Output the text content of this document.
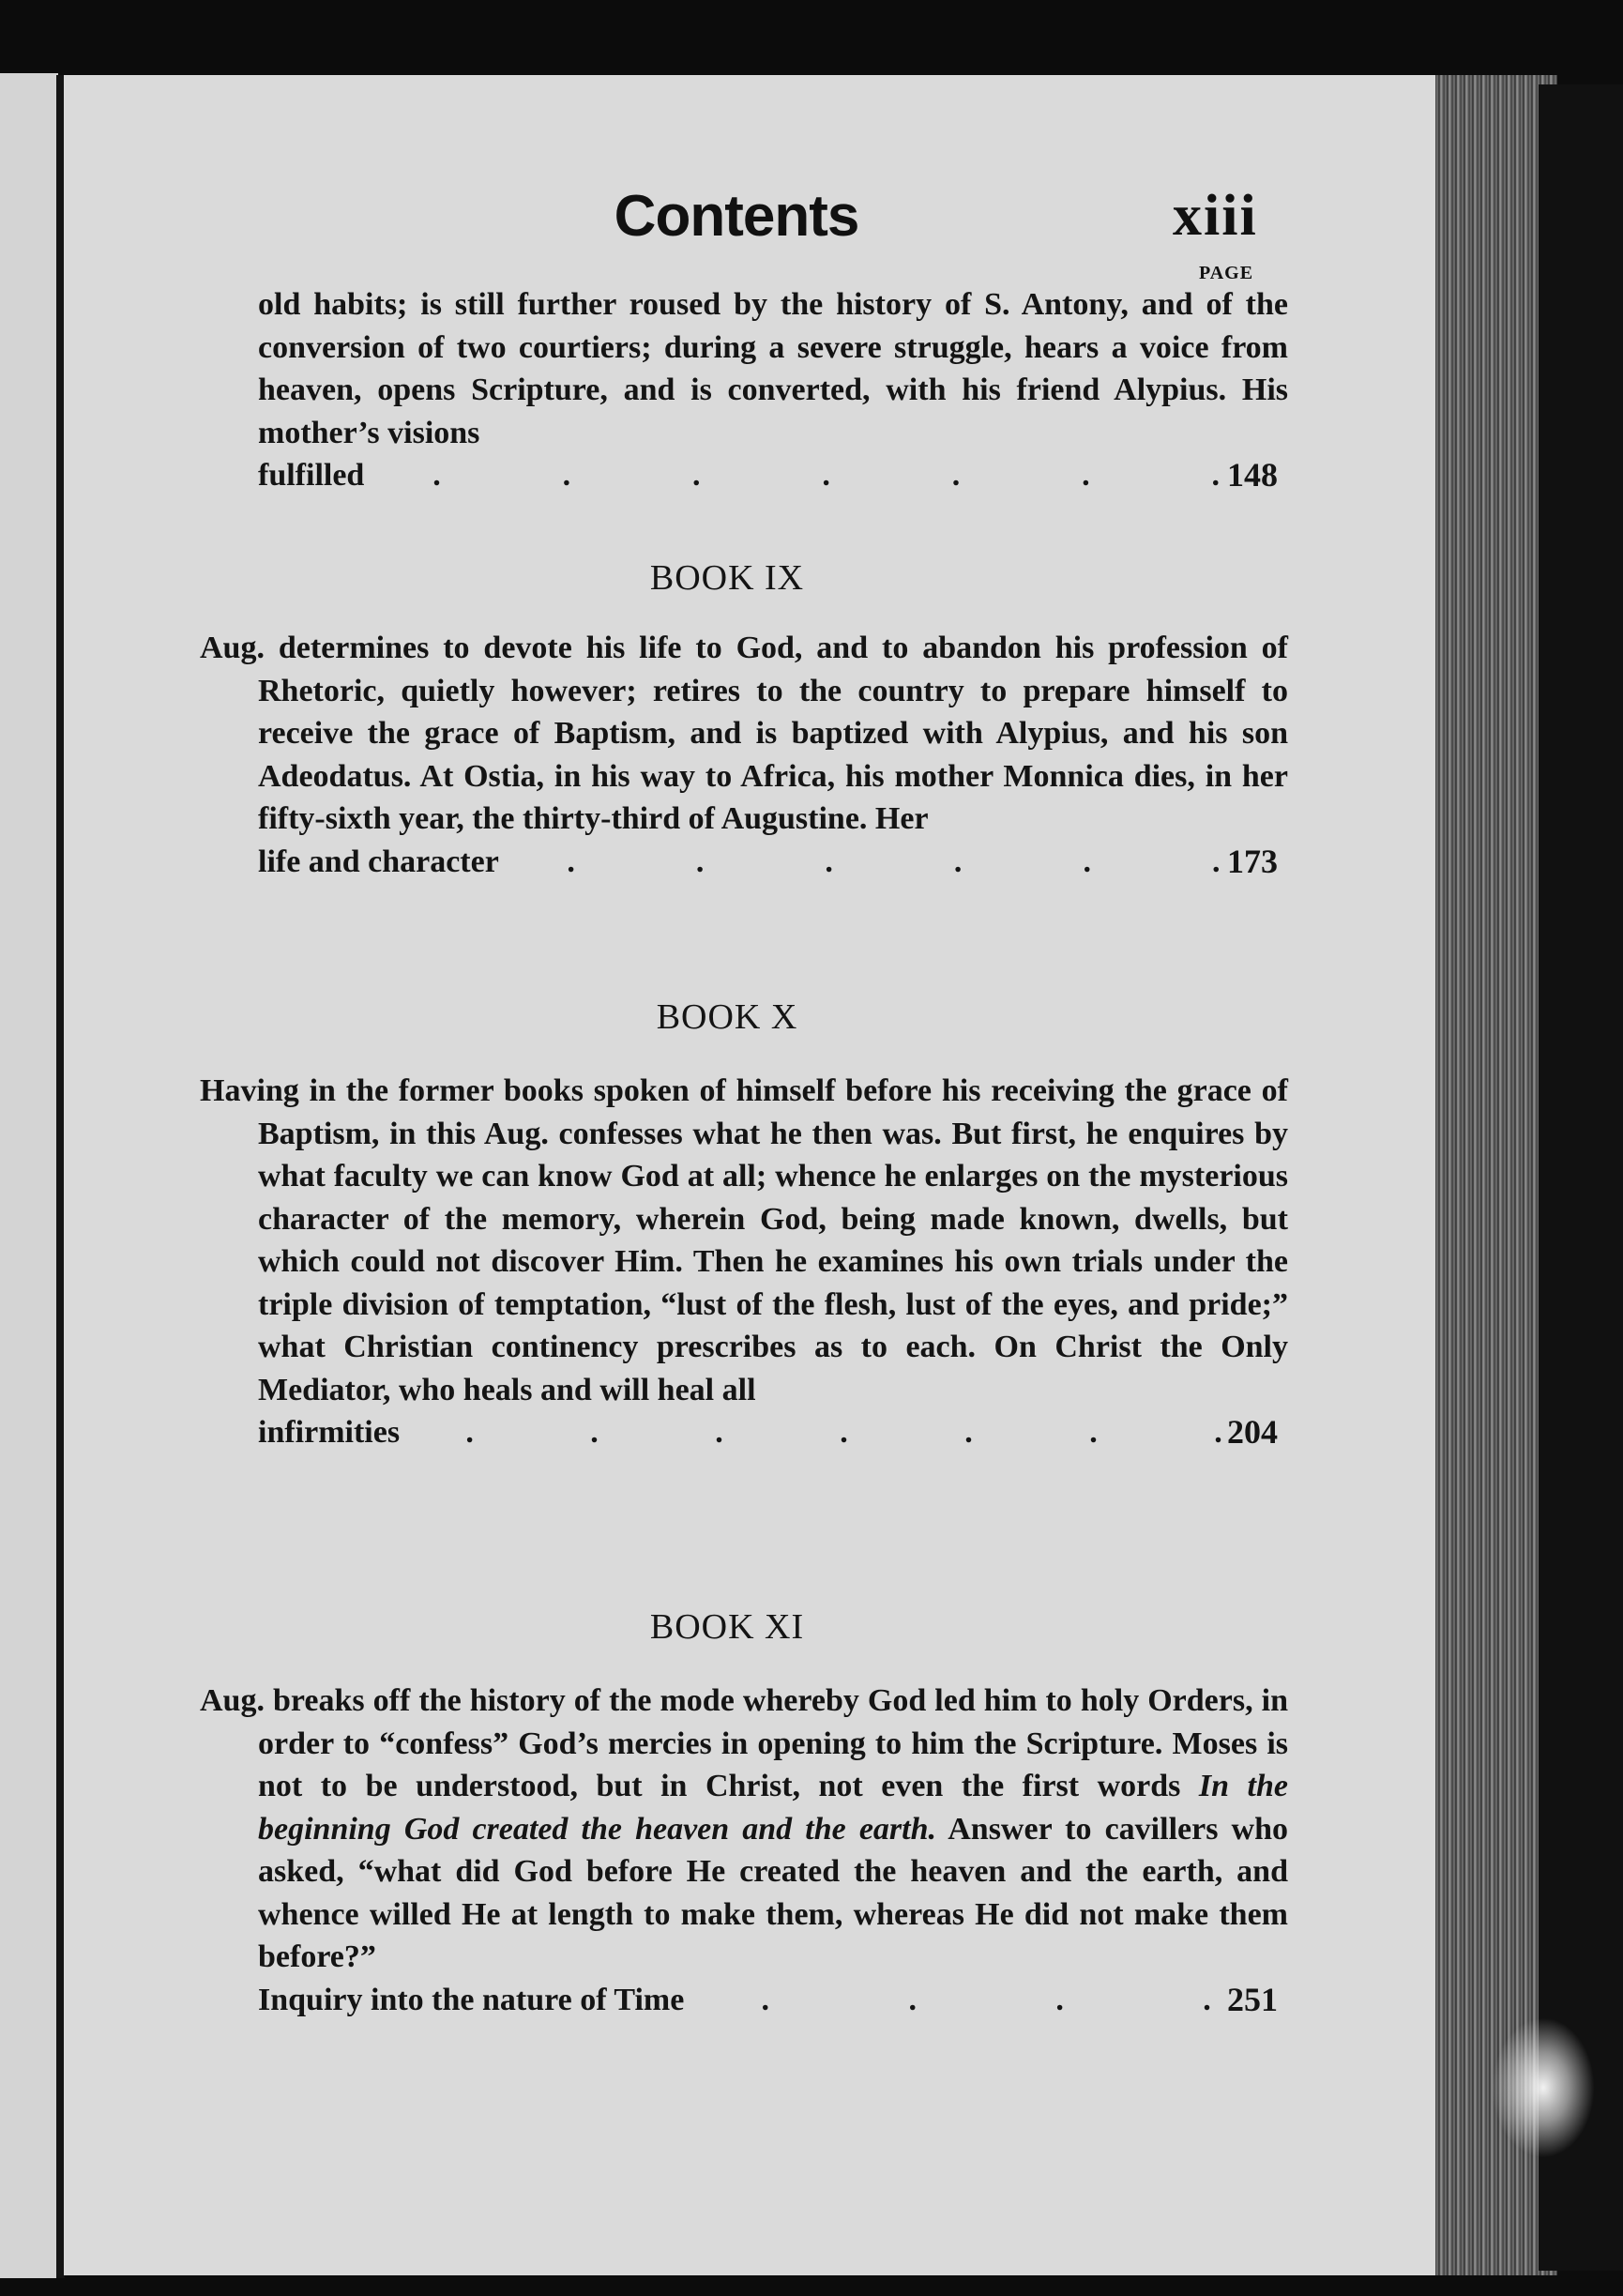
Contents	xiii
PAGE

old habits; is still further roused by the history of S. Antony, and of the conversion of two courtiers; during a severe struggle, hears a voice from heaven, opens Scripture, and is converted, with his friend Alypius. His mother’s visions

fulfilled .	.	.	.	.	.	. 148
BOOK IX

Aug. determines to devote his life to God, and to abandon his profession of Rhetoric, quietly however; retires to the country to prepare himself to receive the grace of Baptism, and is baptized with Alypius, and his son Adeodatus. At Ostia, in his way to Africa, his mother Monnica dies, in her fifty-sixth year, the thirty-third of Augustine. Her

life and character .	.	.	.	.	. 173
BOOK X

Having in the former books spoken of himself before his receiving the grace of Baptism, in this Aug. confesses what he then was. But first, he enquires by what faculty we can know God at all; whence he enlarges on the mysterious character of the memory, wherein God, being made known, dwells, but which could not discover Him. Then he examines his own trials under the triple division of temptation, “lust of the flesh, lust of the eyes, and pride;” what Christian continency prescribes as to each. On Christ the Only Mediator, who heals and will heal all

infirmities .	.	.	.	.	.	. 204
BOOK XI

Aug. breaks off the history of the mode whereby God led him to holy Orders, in order to “confess” God’s mercies in opening to him the Scripture. Moses is not to be understood, but in Christ, not even the first words In the beginning God created the heaven and the earth. Answer to cavillers who asked, “what did God before He created the heaven and the earth, and whence willed He at length to make them, whereas He did not make them before?”

Inquiry into the nature of Time .	.	.	. 251
